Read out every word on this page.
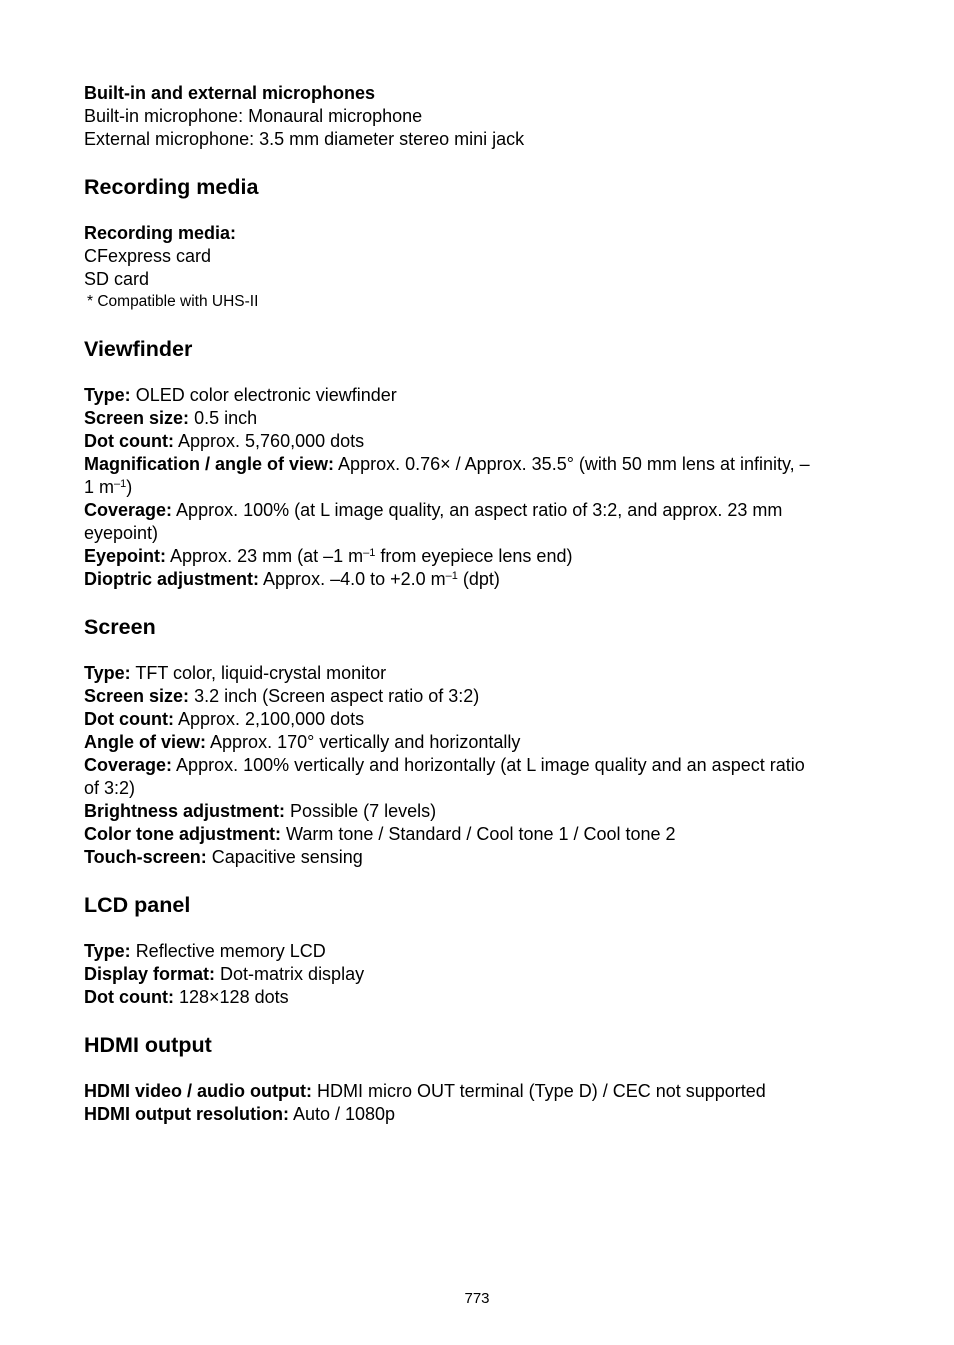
Built-in and external microphones

Built-in microphone: Monaural microphone

External microphone: 3.5 mm diameter stereo mini jack

Recording media

Recording media:

CFexpress card

SD card

* Compatible with UHS-II

Viewfinder

Type: OLED color electronic viewfinder

Screen size: 0.5 inch

Dot count: Approx. 5,760,000 dots

Magnification / angle of view: Approx. 0.76× / Approx. 35.5° (with 50 mm lens at infinity, –
1 $m^{-1}$)

Coverage: Approx. 100% (at L image quality, an aspect ratio of 3:2, and approx. 23 mm
eyepoint)

Eyepoint: Approx. 23 mm (at –1 $m^{-1}$ from eyepiece lens end)

Dioptric adjustment: Approx. –4.0 to +2.0 $m^{-1}$ (dpt)

Screen

Type: TFT color, liquid-crystal monitor

Screen size: 3.2 inch (Screen aspect ratio of 3:2)

Dot count: Approx. 2,100,000 dots

Angle of view: Approx. 170° vertically and horizontally

Coverage: Approx. 100% vertically and horizontally (at L image quality and an aspect ratio
of 3:2)

Brightness adjustment: Possible (7 levels)

Color tone adjustment: Warm tone / Standard / Cool tone 1 / Cool tone 2

Touch-screen: Capacitive sensing

LCD panel

Type: Reflective memory LCD

Display format: Dot-matrix display

Dot count: 128×128 dots

HDMI output

HDMI video / audio output: HDMI micro OUT terminal (Type D) / CEC not supported

HDMI output resolution: Auto / 1080p

773
